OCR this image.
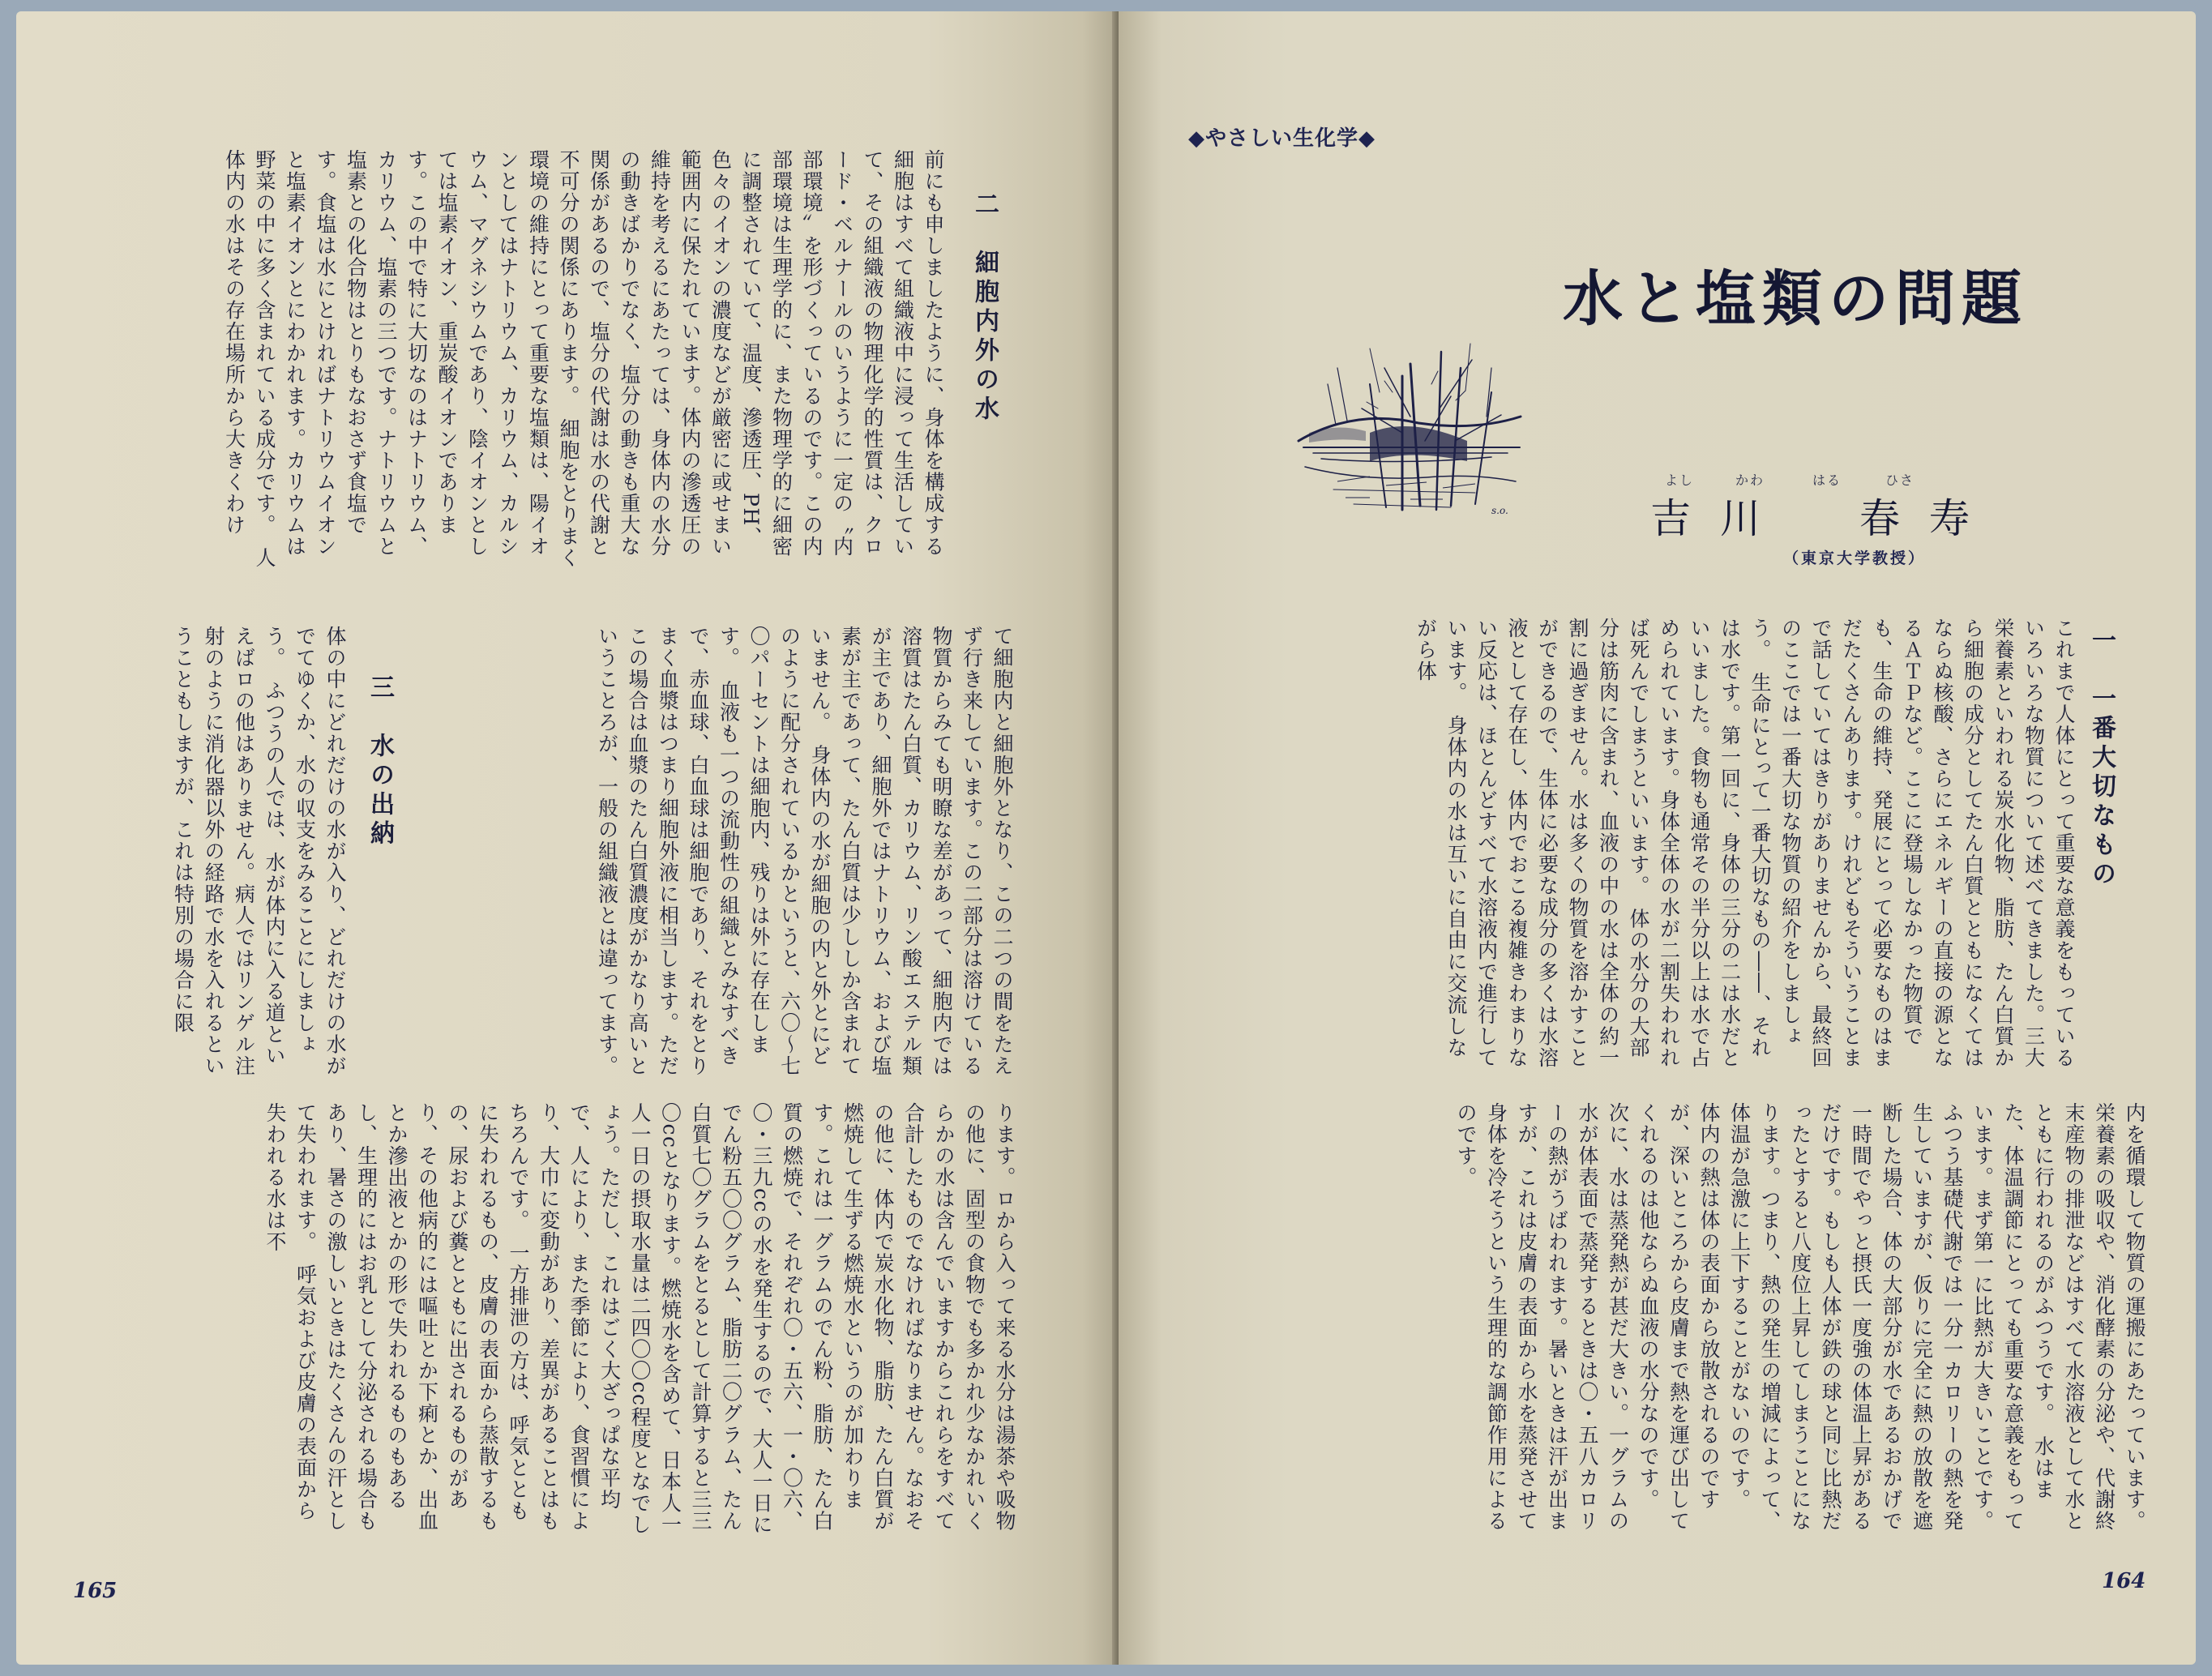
二　細胞内外の水
前にも申しましたように、身体を構成する細胞はすべて組織液中に浸って生活していて、その組織液の物理化学的性質は、クロード・ベルナールのいうように一定の〝内部環境〟を形づくっているのです。この内部環境は生理学的に、また物理学的に細密に調整されていて、温度、滲透圧、PH、色々のイオンの濃度などが厳密に或せまい範囲内に保たれています。体内の滲透圧の維持を考えるにあたっては、身体内の水分の動きばかりでなく、塩分の動きも重大な関係があるので、塩分の代謝は水の代謝と不可分の関係にあります。　細胞をとりまく環境の維持にとって重要な塩類は、陽イオンとしてはナトリウム、カリウム、カルシウム、マグネシウムであり、陰イオンとしては塩素イオン、重炭酸イオンであります。この中で特に大切なのはナトリウム、カリウム、塩素の三つです。ナトリウムと塩素との化合物はとりもなおさず食塩です。食塩は水にとければナトリウムイオンと塩素イオンとにわかれます。カリウムは野菜の中に多く含まれている成分です。　人体内の水はその存在場所から大きくわけ
て細胞内と細胞外となり、この二つの間をたえず行き来しています。この二部分は溶けている物質からみても明瞭な差があって、細胞内では溶質はたん白質、カリウム、リン酸エステル類が主であり、細胞外ではナトリウム、および塩素が主であって、たん白質は少ししか含まれていません。　身体内の水が細胞の内と外とにどのように配分されているかというと、六〇～七〇パーセントは細胞内、残りは外に存在します。　血液も一つの流動性の組織とみなすべきで、赤血球、白血球は細胞であり、それをとりまく血漿はつまり細胞外液に相当します。ただこの場合は血漿のたん白質濃度がかなり高いということろが、一般の組織液とは違ってます。
三　水の出納
体の中にどれだけの水が入り、どれだけの水がでてゆくか、水の収支をみることにしましょう。　ふつうの人では、水が体内に入る道といえばロの他はありません。病人ではリンゲル注射のように消化器以外の経路で水を入れるということもしますが、これは特別の場合に限
ります。ロから入って来る水分は湯茶や吸物の他に、固型の食物でも多かれ少なかれいくらかの水は含んでいますからこれらをすべて合計したものでなければなりません。なおその他に、体内で炭水化物、脂肪、たん白質が燃焼して生ずる燃焼水というのが加わります。これは一グラムのでん粉、脂肪、たん白質の燃焼で、それぞれ〇・五六、一・〇六、〇・三九ccの水を発生するので、大人一日にでん粉五〇〇グラム、脂肪二〇グラム、たん白質七〇グラムをとるとして計算すると三三〇ccとなります。燃焼水を含めて、日本人一人一日の摂取水量は二四〇〇cc程度となでしょう。ただし、これはごく大ざっぱな平均で、人により、また季節により、食習慣によ り、大巾に変動があり、差異があることはもちろんです。　一方排泄の方は、呼気とともに失われるもの、皮膚の表面から蒸散するもの、尿および糞とともに出されるものがあり、その他病的には嘔吐とか下痢とか、出血とか滲出液とかの形で失われるものもあるし、生理的にはお乳として分泌される場合もあり、暑さの激しいときはたくさんの汗として失われます。　呼気および皮膚の表面から失われる水は不
165
◆やさしい生化学◆
水と塩類の問題
s.o.
よし	かわ	はる	ひさ
吉川　春寿
（東京大学教授）
一　一番大切なもの
これまで人体にとって重要な意義をもっているいろいろな物質について述べてきました。三大栄養素といわれる炭水化物、脂肪、たん白質から細胞の成分としてたん白質とともになくてはならぬ核酸、さらにエネルギーの直接の源となるＡＴＰなど。ここに登場しなかった物質でも、生命の維持、発展にとって必要なものはまだたくさんあります。けれどもそういうことまで話していてはきりがありませんから、最終回のここでは一番大切な物質の紹介をしましょう。　生命にとって一番大切なもの――、それは水です。第一回に、身体の三分の二は水だといいました。食物も通常その半分以上は水で占められています。身体全体の水が二割失われれば死んでしまうといいます。　体の水分の大部分は筋肉に含まれ、血液の中の水は全体の約一割に過ぎません。水は多くの物質を溶かすことができるので、生体に必要な成分の多くは水溶液として存在し、体内でおこる複雑きわまりない反応は、ほとんどすべて水溶液内で進行しています。　身体内の水は互いに自由に交流しながら体
内を循環して物質の運搬にあたっています。栄養素の吸収や、消化酵素の分泌や、代謝終末産物の排泄などはすべて水溶液として水とともに行われるのがふつうです。　水はまた、体温調節にとっても重要な意義をもっています。まず第一に比熱が大きいことです。ふつう基礎代謝では一分一カロリーの熱を発生していますが、仮りに完全に熱の放散を遮断した場合、体の大部分が水であるおかげで一時間でやっと摂氏一度強の体温上昇があるだけです。もしも人体が鉄の球と同じ比熱だったとすると八度位上昇してしまうことになります。つまり、熱の発生の増減によって、体温が急激に上下することがないのです。　体内の熱は体の表面から放散されるのですが、深いところから皮膚まで熱を運び出してくれるのは他ならぬ血液の水分なのです。　次に、水は蒸発熱が甚だ大きい。一グラムの水が体表面で蒸発するときは〇・五八カロリーの熱がうばわれます。暑いときは汗が出ますが、これは皮膚の表面から水を蒸発させて身体を冷そうという生理的な調節作用によるのです。
164
